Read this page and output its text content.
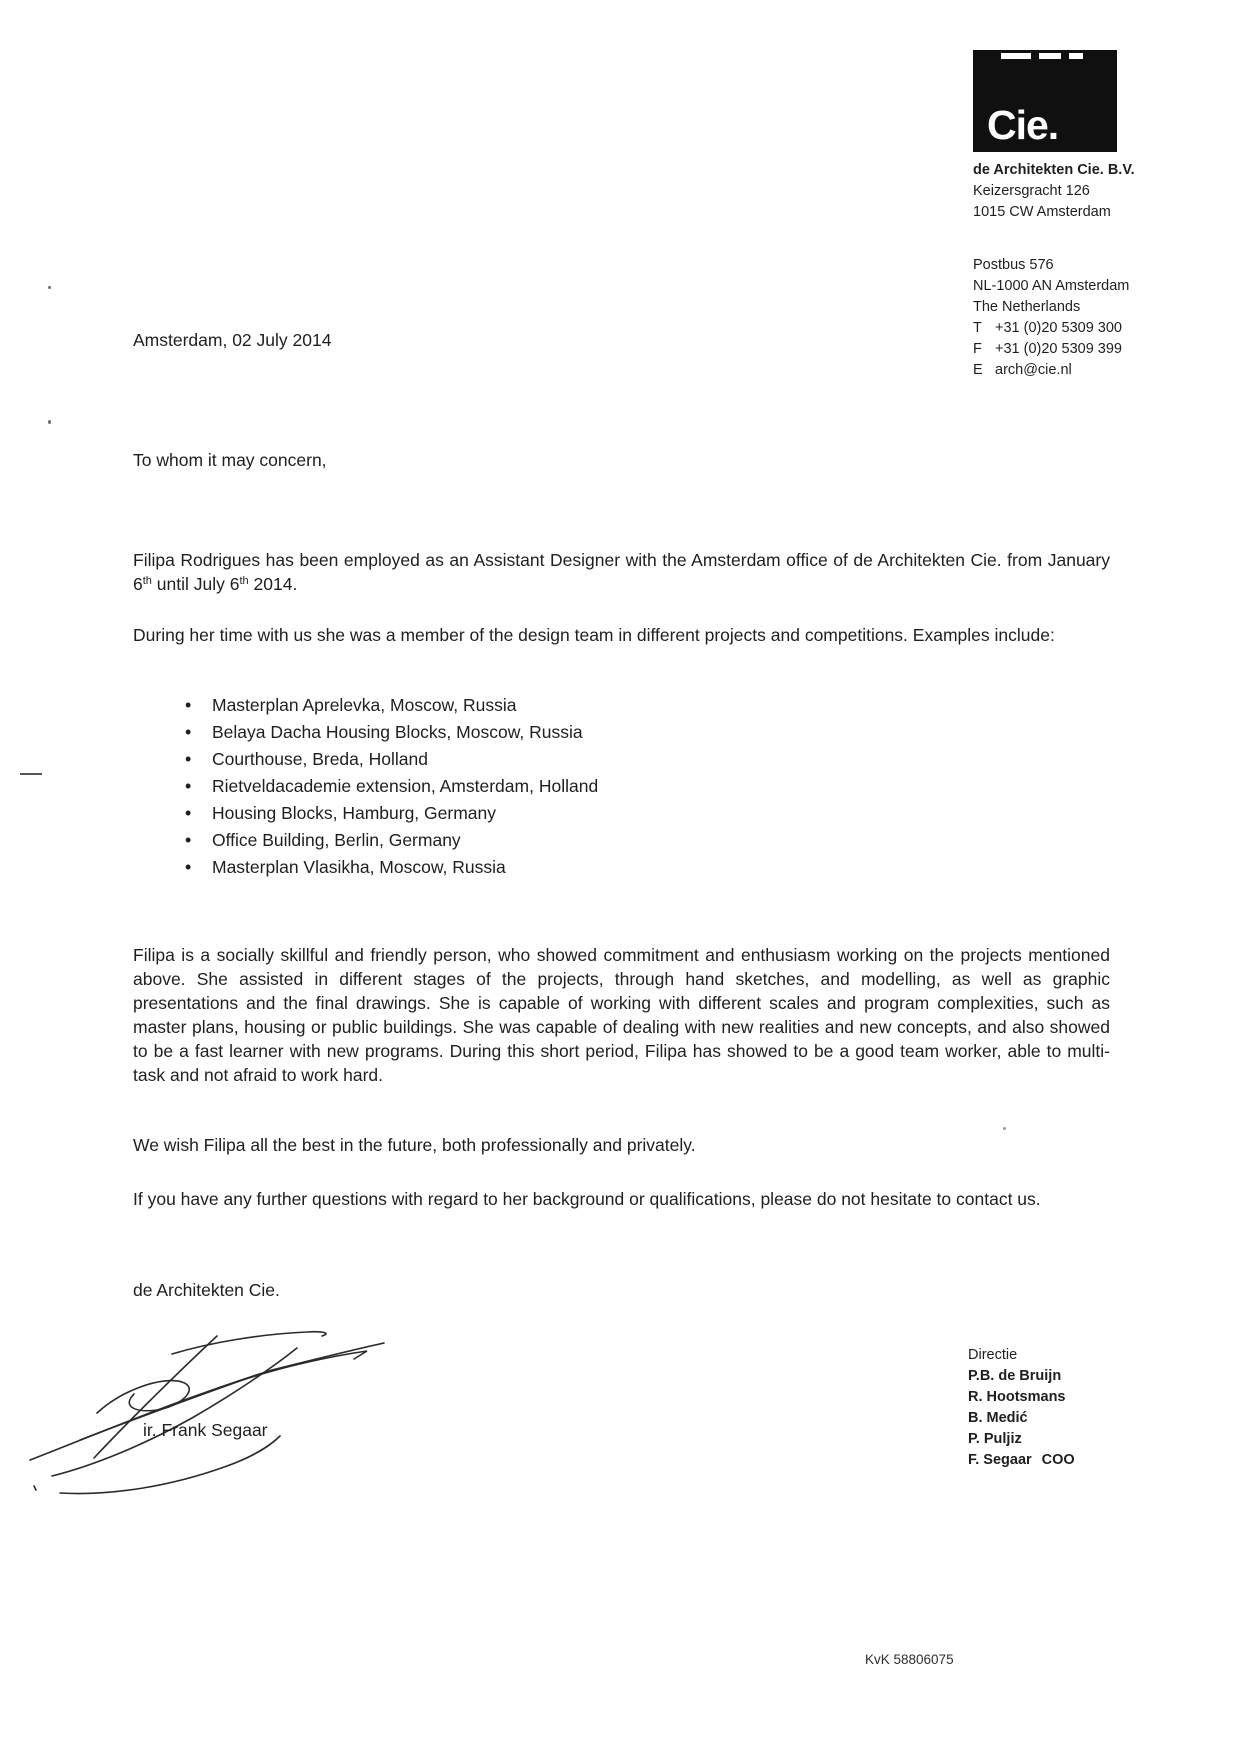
Cie.
de Architekten Cie. B.V.
Keizersgracht 126
1015 CW Amsterdam
Postbus 576
NL-1000 AN Amsterdam
The Netherlands
T +31 (0)20 5309 300
F +31 (0)20 5309 399
E arch@cie.nl
Amsterdam, 02 July 2014
To whom it may concern,

Filipa Rodrigues has been employed as an Assistant Designer with the Amsterdam office of de Architekten Cie. from January 6th until July 6th 2014.

During her time with us she was a member of the design team in different projects and competitions. Examples include:

• Masterplan Aprelevka, Moscow, Russia
• Belaya Dacha Housing Blocks, Moscow, Russia
• Courthouse, Breda, Holland
• Rietveldacademie extension, Amsterdam, Holland
• Housing Blocks, Hamburg, Germany
• Office Building, Berlin, Germany
• Masterplan Vlasikha, Moscow, Russia

Filipa is a socially skillful and friendly person, who showed commitment and enthusiasm working on the projects mentioned above. She assisted in different stages of the projects, through hand sketches, and modelling, as well as graphic presentations and the final drawings. She is capable of working with different scales and program complexities, such as master plans, housing or public buildings. She was capable of dealing with new realities and new concepts, and also showed to be a fast learner with new programs. During this short period, Filipa has showed to be a good team worker, able to multi-task and not afraid to work hard.

We wish Filipa all the best in the future, both professionally and privately.

If you have any further questions with regard to her background or qualifications, please do not hesitate to contact us.

de Architekten Cie.
ir. Frank Segaar
Directie
P.B. de Bruijn
R. Hootsmans
B. Medić
P. Puljiz
F. Segaar COO
KvK 58806075
